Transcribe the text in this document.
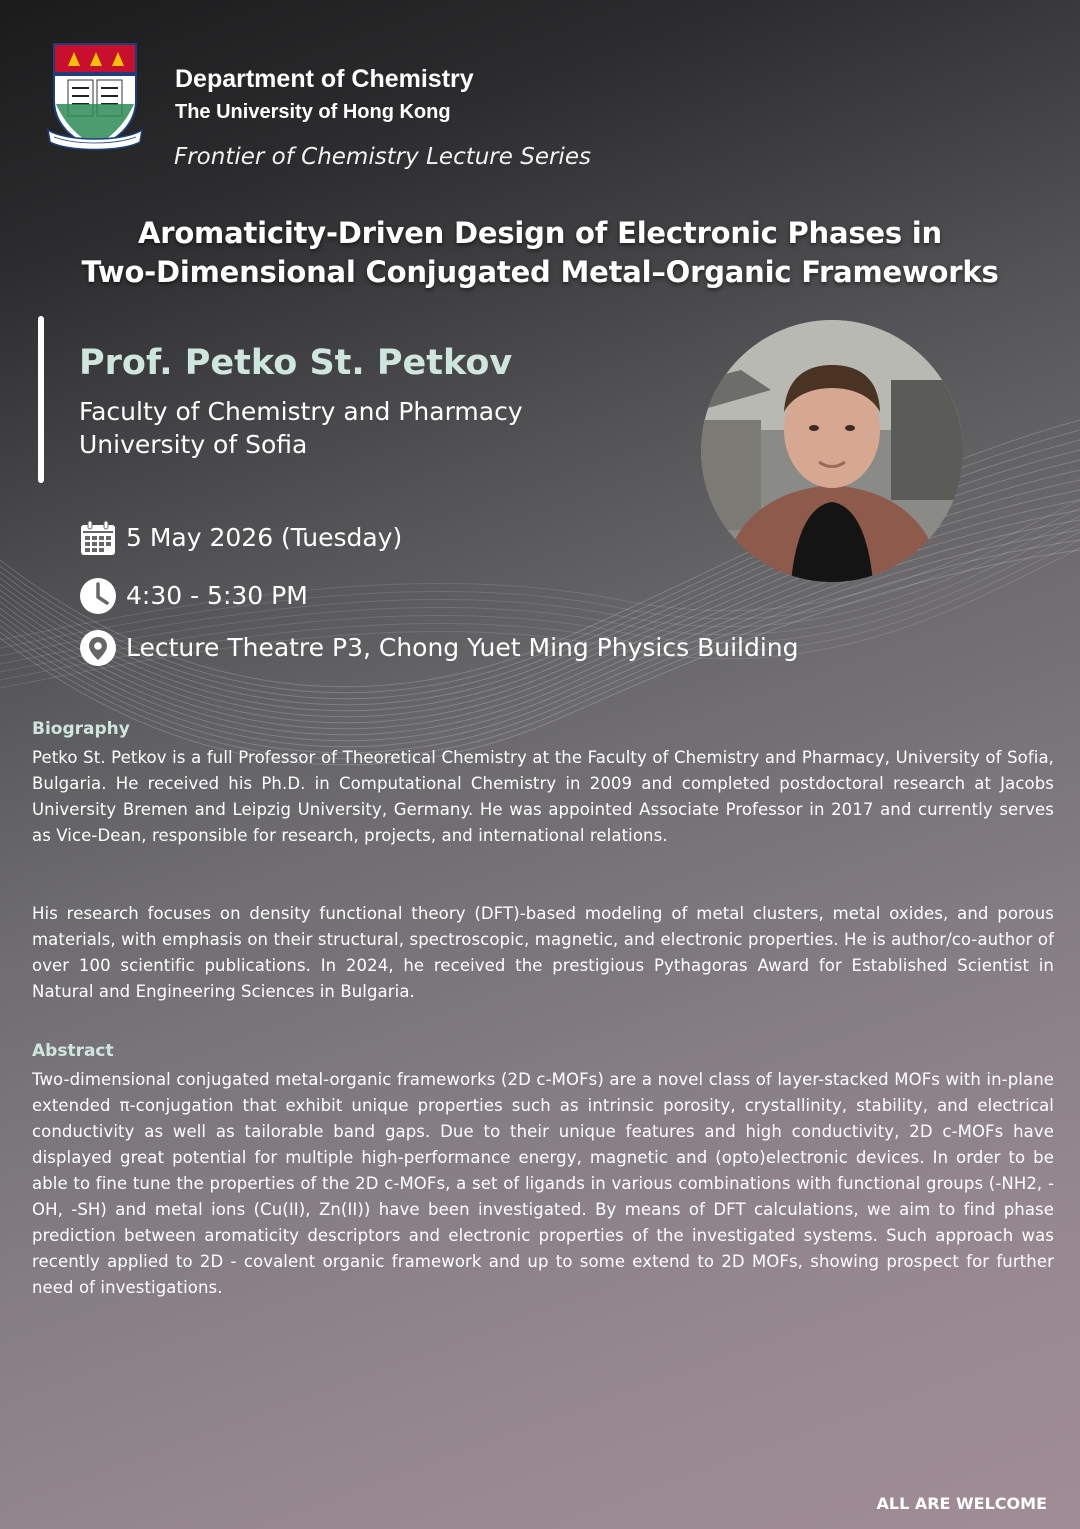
Department of Chemistry
The University of Hong Kong
Frontier of Chemistry Lecture Series
Aromaticity-Driven Design of Electronic Phases in
Two-Dimensional Conjugated Metal–Organic Frameworks
Prof. Petko St. Petkov
Faculty of Chemistry and Pharmacy
University of Sofia
5 May 2026 (Tuesday)
4:30 - 5:30 PM
Lecture Theatre P3, Chong Yuet Ming Physics Building
Biography
Petko St. Petkov is a full Professor of Theoretical Chemistry at the Faculty of Chemistry and Pharmacy, University of Sofia, Bulgaria. He received his Ph.D. in Computational Chemistry in 2009 and completed postdoctoral research at Jacobs University Bremen and Leipzig University, Germany. He was appointed Associate Professor in 2017 and currently serves as Vice-Dean, responsible for research, projects, and international relations.
His research focuses on density functional theory (DFT)-based modeling of metal clusters, metal oxides, and porous materials, with emphasis on their structural, spectroscopic, magnetic, and electronic properties. He is author/co-author of over 100 scientific publications. In 2024, he received the prestigious Pythagoras Award for Established Scientist in Natural and Engineering Sciences in Bulgaria.
Abstract
Two-dimensional conjugated metal-organic frameworks (2D c-MOFs) are a novel class of layer-stacked MOFs with in-plane extended π-conjugation that exhibit unique properties such as intrinsic porosity, crystallinity, stability, and electrical conductivity as well as tailorable band gaps. Due to their unique features and high conductivity, 2D c-MOFs have displayed great potential for multiple high-performance energy, magnetic and (opto)electronic devices. In order to be able to fine tune the properties of the 2D c-MOFs, a set of ligands in various combinations with functional groups (-NH2, -OH, -SH) and metal ions (Cu(II), Zn(II)) have been investigated. By means of DFT calculations, we aim to find phase prediction between aromaticity descriptors and electronic properties of the investigated systems. Such approach was recently applied to 2D - covalent organic framework and up to some extend to 2D MOFs, showing prospect for further need of investigations.
ALL ARE WELCOME
